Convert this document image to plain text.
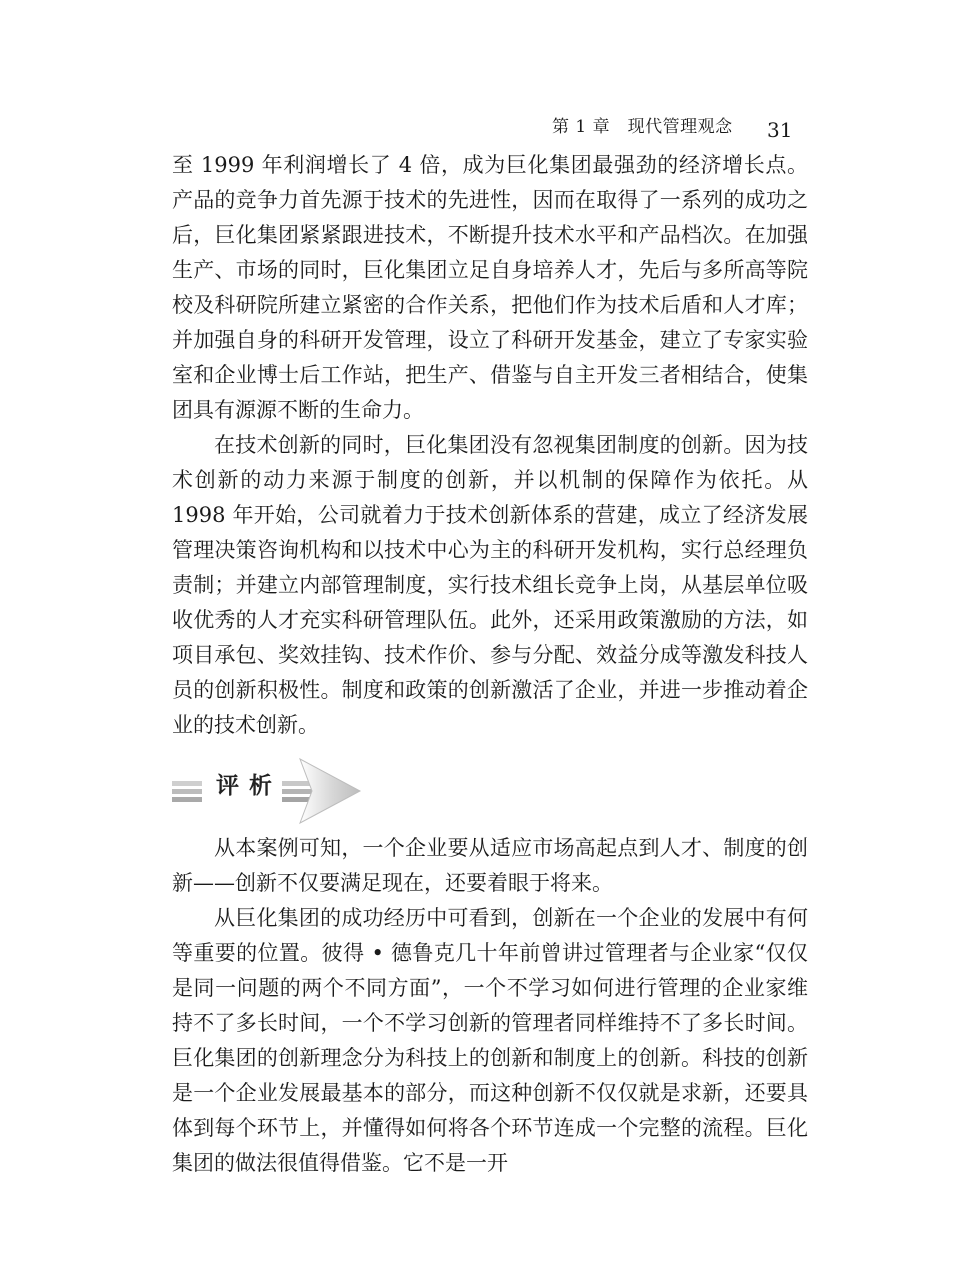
第 1 章　现代管理观念 31

至 1999 年利润增长了 4 倍，成为巨化集团最强劲的经济增长点。产品的竞争力首先源于技术的先进性，因而在取得了一系列的成功之后，巨化集团紧紧跟进技术，不断提升技术水平和产品档次。在加强生产、市场的同时，巨化集团立足自身培养人才，先后与多所高等院校及科研院所建立紧密的合作关系，把他们作为技术后盾和人才库；并加强自身的科研开发管理，设立了科研开发基金，建立了专家实验室和企业博士后工作站，把生产、借鉴与自主开发三者相结合，使集团具有源源不断的生命力。

在技术创新的同时，巨化集团没有忽视集团制度的创新。因为技术创新的动力来源于制度的创新，并以机制的保障作为依托。从 1998 年开始，公司就着力于技术创新体系的营建，成立了经济发展管理决策咨询机构和以技术中心为主的科研开发机构，实行总经理负责制；并建立内部管理制度，实行技术组长竞争上岗，从基层单位吸收优秀的人才充实科研管理队伍。此外，还采用政策激励的方法，如项目承包、奖效挂钩、技术作价、参与分配、效益分成等激发科技人员的创新积极性。制度和政策的创新激活了企业，并进一步推动着企业的技术创新。

评析

从本案例可知，一个企业要从适应市场高起点到人才、制度的创新——创新不仅要满足现在，还要着眼于将来。

从巨化集团的成功经历中可看到，创新在一个企业的发展中有何等重要的位置。彼得 • 德鲁克几十年前曾讲过管理者与企业家“仅仅是同一问题的两个不同方面”，一个不学习如何进行管理的企业家维持不了多长时间，一个不学习创新的管理者同样维持不了多长时间。巨化集团的创新理念分为科技上的创新和制度上的创新。科技的创新是一个企业发展最基本的部分，而这种创新不仅仅就是求新，还要具体到每个环节上，并懂得如何将各个环节连成一个完整的流程。巨化集团的做法很值得借鉴。它不是一开
